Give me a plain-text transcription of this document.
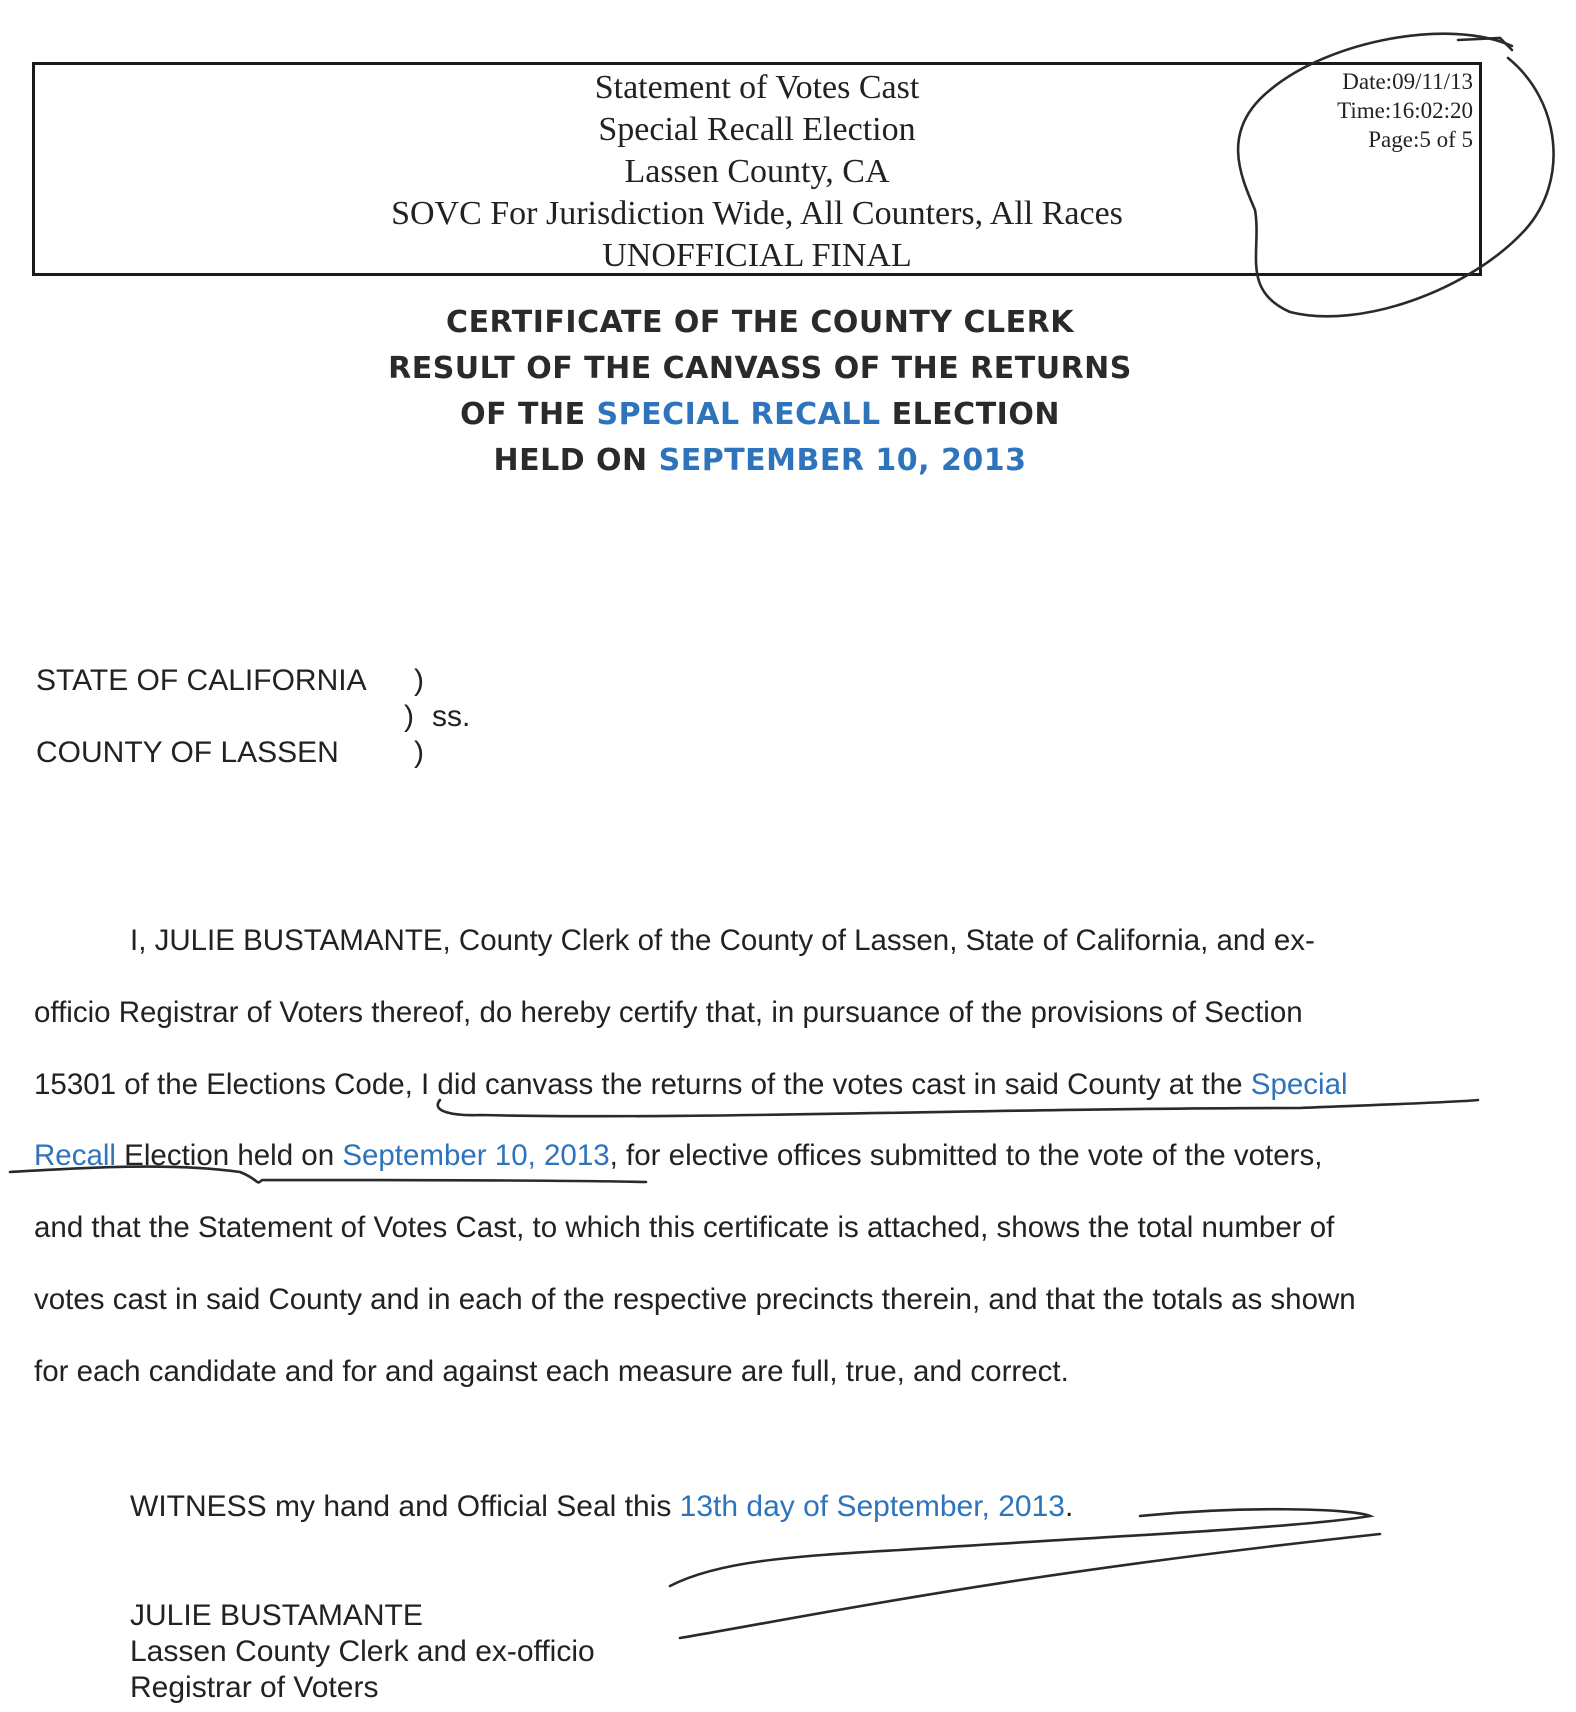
Statement of Votes Cast
Special Recall Election
Lassen County, CA
SOVC For Jurisdiction Wide, All Counters, All Races
UNOFFICIAL FINAL
Date:09/11/13
Time:16:02:20
Page:5 of 5
CERTIFICATE OF THE COUNTY CLERK
RESULT OF THE CANVASS OF THE RETURNS
OF THE SPECIAL RECALL ELECTION
HELD ON SEPTEMBER 10, 2013
STATE OF CALIFORNIA )
) ss.
COUNTY OF LASSEN	)
I, JULIE BUSTAMANTE, County Clerk of the County of Lassen, State of California, and ex-
officio Registrar of Voters thereof, do hereby certify that, in pursuance of the provisions of Section
15301 of the Elections Code, I did canvass the returns of the votes cast in said County at the Special
Recall Election held on September 10, 2013, for elective offices submitted to the vote of the voters,
and that the Statement of Votes Cast, to which this certificate is attached, shows the total number of
votes cast in said County and in each of the respective precincts therein, and that the totals as shown
for each candidate and for and against each measure are full, true, and correct.
WITNESS my hand and Official Seal this 13th day of September, 2013.
JULIE BUSTAMANTE
Lassen County Clerk and ex-officio
Registrar of Voters
